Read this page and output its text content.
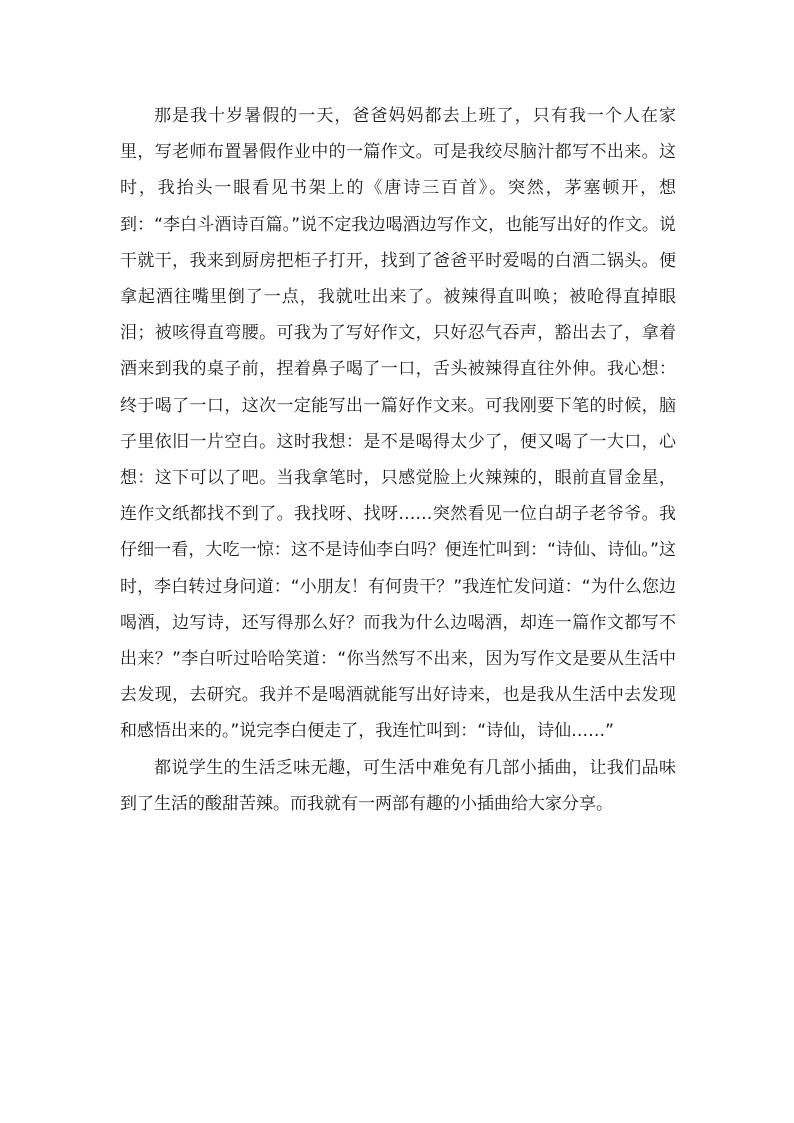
那是我十岁暑假的一天，爸爸妈妈都去上班了，只有我一个人在家里，写老师布置暑假作业中的一篇作文。可是我绞尽脑汁都写不出来。这时，我抬头一眼看见书架上的《唐诗三百首》。突然，茅塞顿开，想到：“李白斗酒诗百篇。”说不定我边喝酒边写作文，也能写出好的作文。说干就干，我来到厨房把柜子打开，找到了爸爸平时爱喝的白酒二锅头。便拿起酒往嘴里倒了一点，我就吐出来了。被辣得直叫唤；被呛得直掉眼泪；被咳得直弯腰。可我为了写好作文，只好忍气吞声，豁出去了，拿着酒来到我的桌子前，捏着鼻子喝了一口，舌头被辣得直往外伸。我心想：终于喝了一口，这次一定能写出一篇好作文来。可我刚要下笔的时候，脑子里依旧一片空白。这时我想：是不是喝得太少了，便又喝了一大口，心想：这下可以了吧。当我拿笔时，只感觉脸上火辣辣的，眼前直冒金星，连作文纸都找不到了。我找呀、找呀……突然看见一位白胡子老爷爷。我仔细一看，大吃一惊：这不是诗仙李白吗？便连忙叫到：“诗仙、诗仙。”这时，李白转过身问道：“小朋友！有何贵干？”我连忙发问道：“为什么您边喝酒，边写诗，还写得那么好？而我为什么边喝酒，却连一篇作文都写不出来？”李白听过哈哈笑道：“你当然写不出来，因为写作文是要从生活中去发现，去研究。我并不是喝酒就能写出好诗来，也是我从生活中去发现和感悟出来的。”说完李白便走了，我连忙叫到：“诗仙，诗仙……”

都说学生的生活乏味无趣，可生活中难免有几部小插曲，让我们品味到了生活的酸甜苦辣。而我就有一两部有趣的小插曲给大家分享。
